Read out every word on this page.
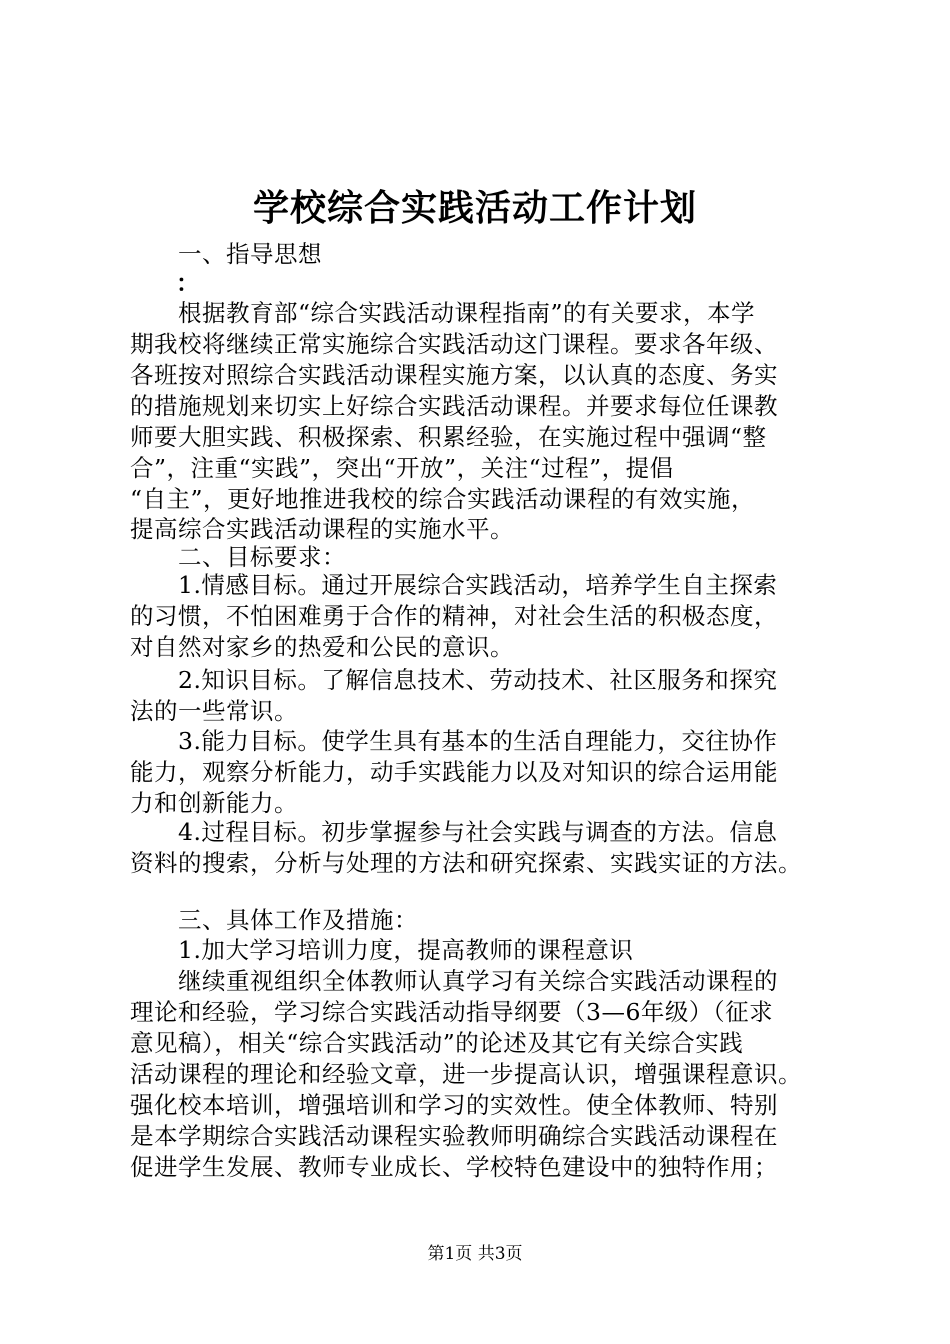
学校综合实践活动工作计划
一、指导思想
：
根据教育部“综合实践活动课程指南”的有关要求，本学
期我校将继续正常实施综合实践活动这门课程。要求各年级、
各班按对照综合实践活动课程实施方案，以认真的态度、务实
的措施规划来切实上好综合实践活动课程。并要求每位任课教
师要大胆实践、积极探索、积累经验，在实施过程中强调“整
合”，注重“实践”，突出“开放”，关注“过程”，提倡
“自主”，更好地推进我校的综合实践活动课程的有效实施，
提高综合实践活动课程的实施水平。
二、目标要求：
1.情感目标。通过开展综合实践活动，培养学生自主探索
的习惯，不怕困难勇于合作的精神，对社会生活的积极态度，
对自然对家乡的热爱和公民的意识。
2.知识目标。了解信息技术、劳动技术、社区服务和探究
法的一些常识。
3.能力目标。使学生具有基本的生活自理能力，交往协作
能力，观察分析能力，动手实践能力以及对知识的综合运用能
力和创新能力。
4.过程目标。初步掌握参与社会实践与调查的方法。信息
资料的搜索，分析与处理的方法和研究探索、实践实证的方法。
三、具体工作及措施：
1.加大学习培训力度，提高教师的课程意识
继续重视组织全体教师认真学习有关综合实践活动课程的
理论和经验，学习综合实践活动指导纲要（3—6年级）（征求
意见稿），相关“综合实践活动”的论述及其它有关综合实践
活动课程的理论和经验文章，进一步提高认识，增强课程意识。
强化校本培训，增强培训和学习的实效性。使全体教师、特别
是本学期综合实践活动课程实验教师明确综合实践活动课程在
促进学生发展、教师专业成长、学校特色建设中的独特作用；
第1页 共3页
